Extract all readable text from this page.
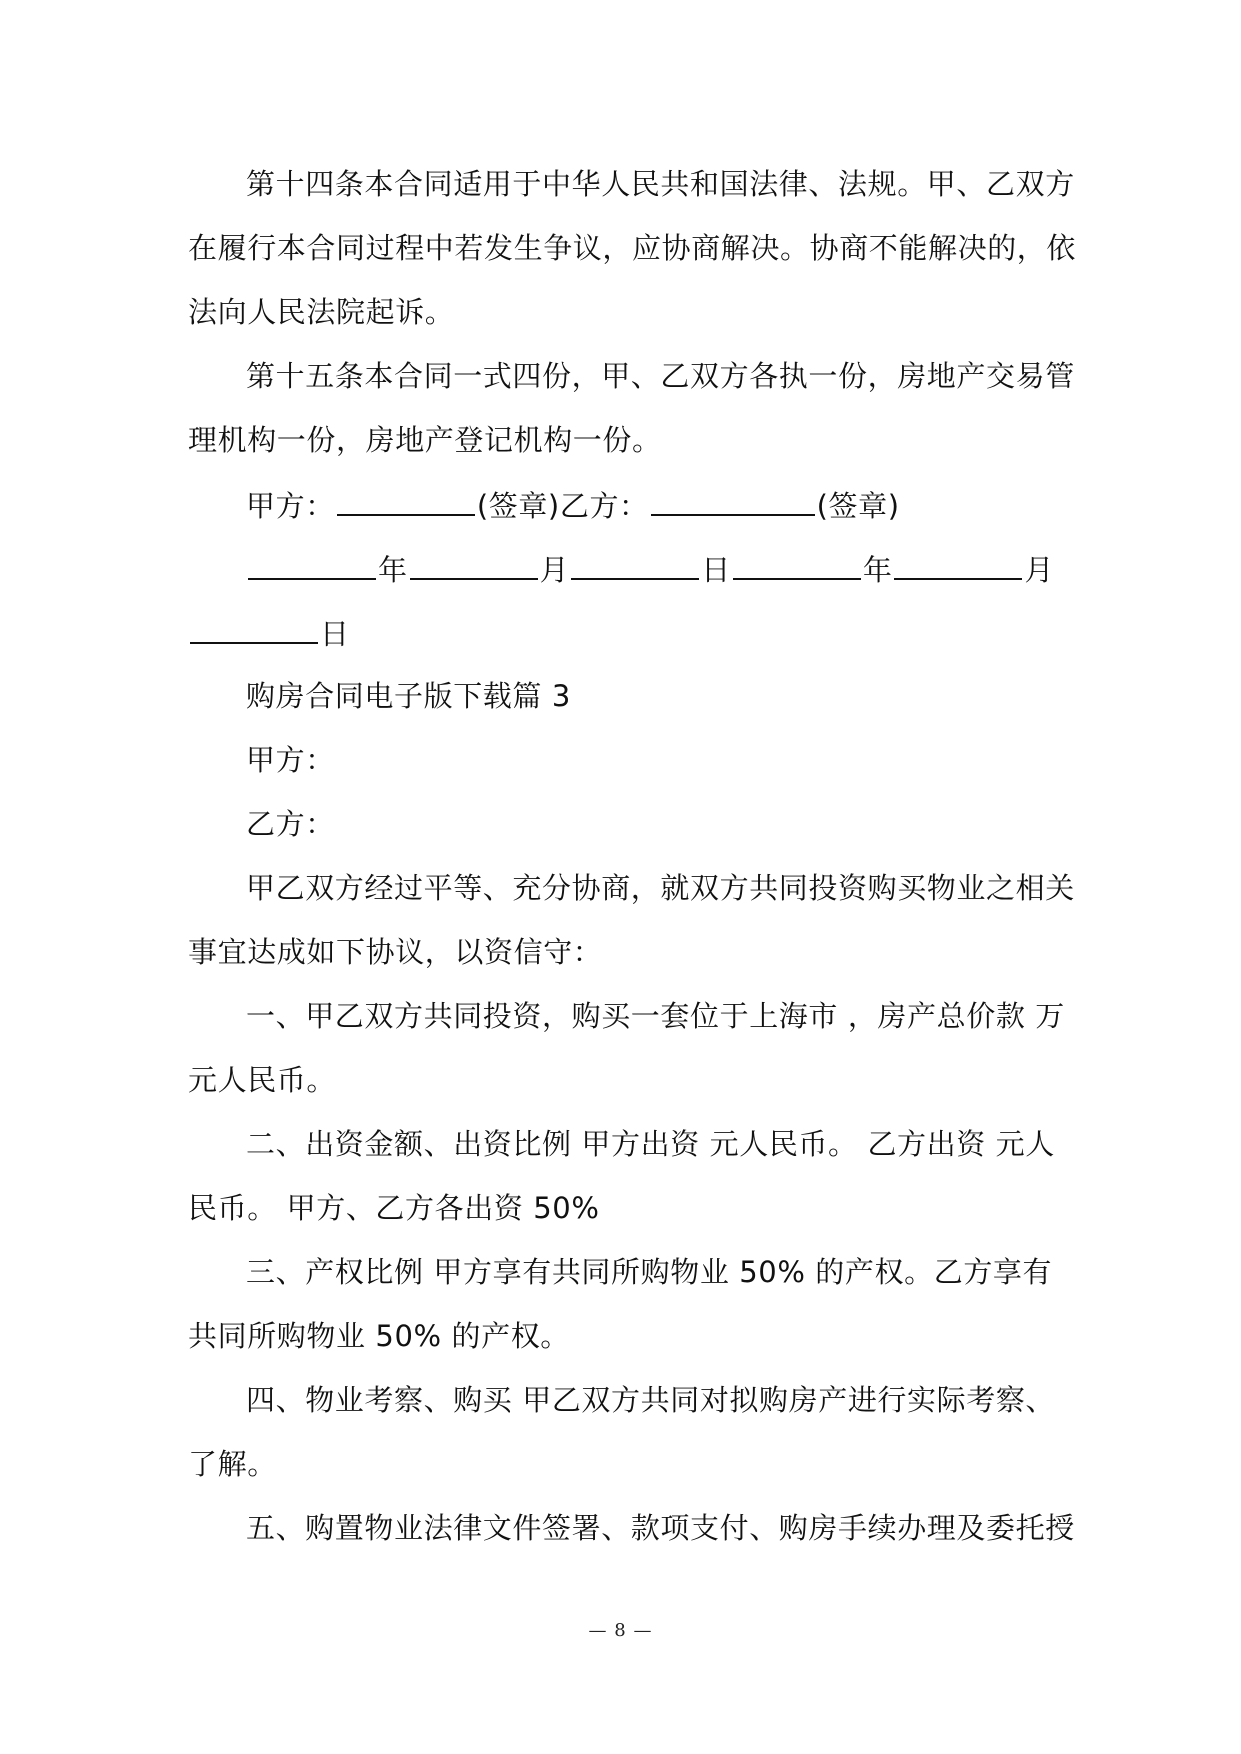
第十四条本合同适用于中华人民共和国法律、法规。甲、乙双方
在履行本合同过程中若发生争议，应协商解决。协商不能解决的，依
法向人民法院起诉。
第十五条本合同一式四份，甲、乙双方各执一份，房地产交易管
理机构一份，房地产登记机构一份。
甲方：	(签章)乙方：	(签章)
年	月	日	年	月
日
购房合同电子版下载篇 3
甲方：
乙方：
甲乙双方经过平等、充分协商，就双方共同投资购买物业之相关
事宜达成如下协议，以资信守：
一、甲乙双方共同投资，购买一套位于上海市 ，房产总价款 万
元人民币。
二、出资金额、出资比例 甲方出资 元人民币。 乙方出资 元人
民币。 甲方、乙方各出资 50%
三、产权比例 甲方享有共同所购物业 50% 的产权。乙方享有
共同所购物业 50% 的产权。
四、物业考察、购买 甲乙双方共同对拟购房产进行实际考察、
了解。
五、购置物业法律文件签署、款项支付、购房手续办理及委托授
— 8 —
